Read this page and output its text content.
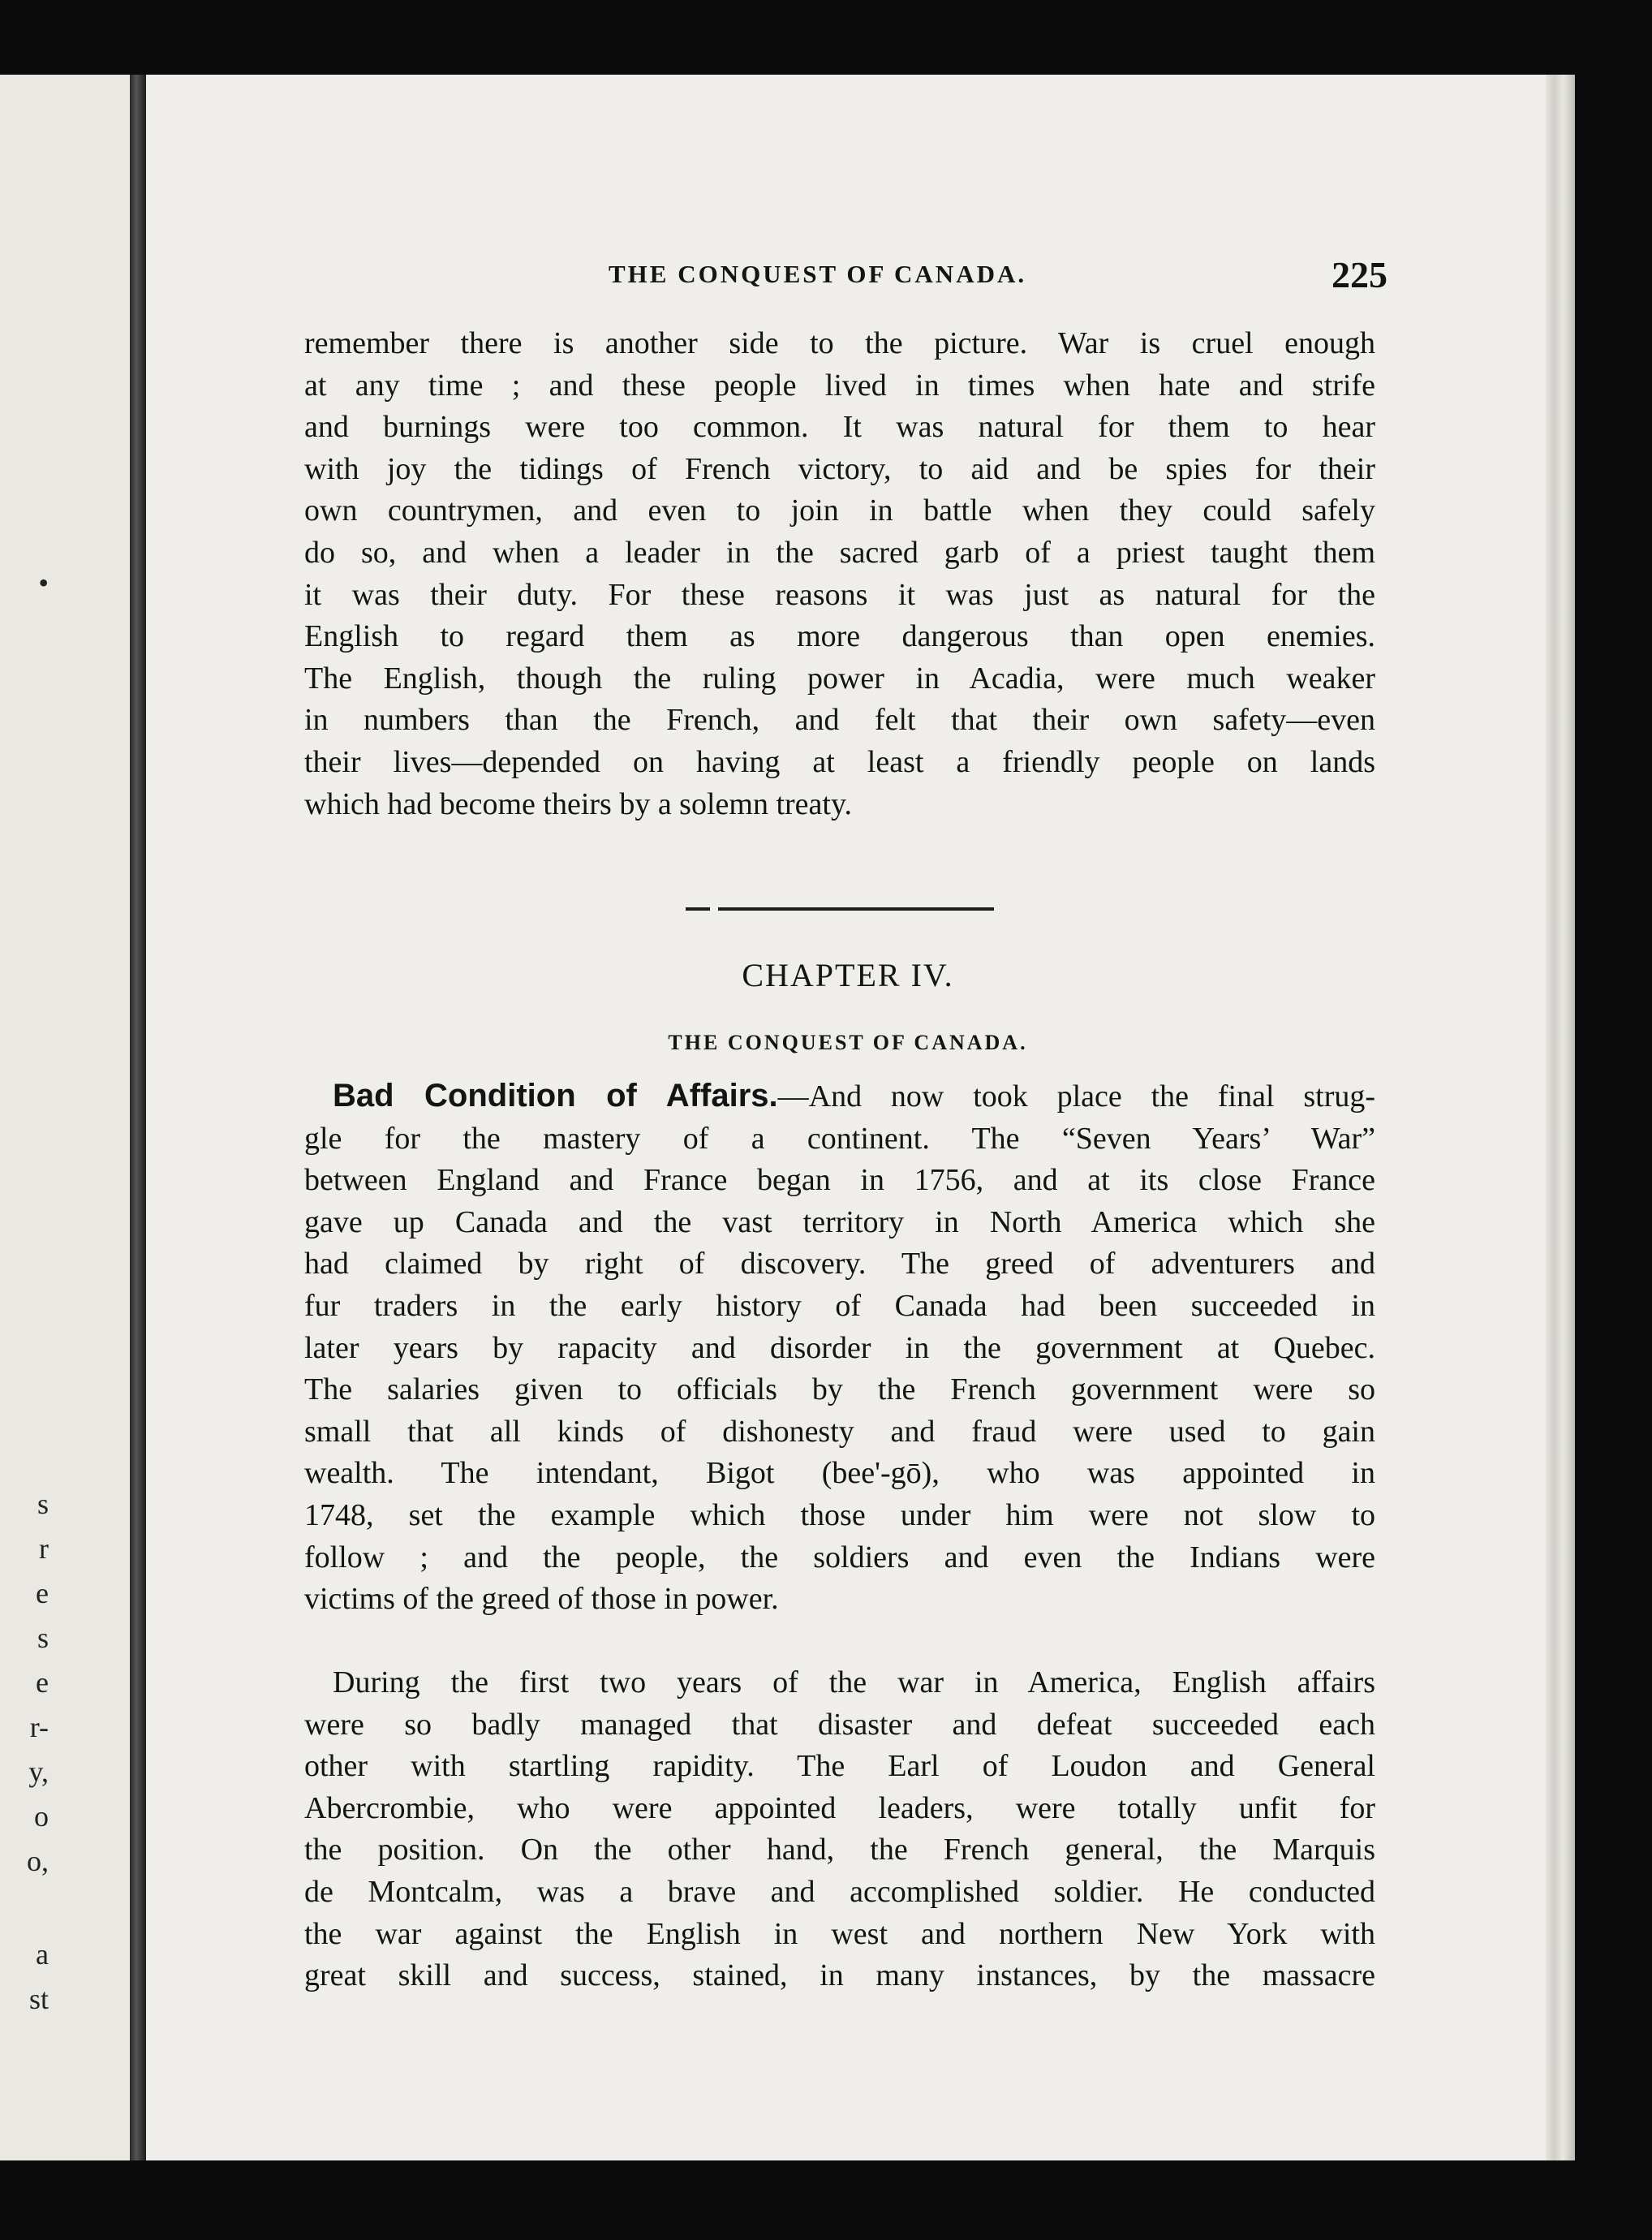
•
s
r
e
s
e
r-
y,
o
o,
a
st
THE CONQUEST OF CANADA.	225
remember there is another side to the picture. War is cruel enough
at any time ; and these people lived in times when hate and strife
and burnings were too common. It was natural for them to hear
with joy the tidings of French victory, to aid and be spies for their
own countrymen, and even to join in battle when they could safely
do so, and when a leader in the sacred garb of a priest taught them
it was their duty. For these reasons it was just as natural for the
English to regard them as more dangerous than open enemies.
The English, though the ruling power in Acadia, were much weaker
in numbers than the French, and felt that their own safety—even
their lives—depended on having at least a friendly people on lands
which had become theirs by a solemn treaty.
CHAPTER IV.
THE CONQUEST OF CANADA.
Bad Condition of Affairs.—And now took place the final strug-
gle for the mastery of a continent. The “Seven Years’ War”
between England and France began in 1756, and at its close France
gave up Canada and the vast territory in North America which she
had claimed by right of discovery. The greed of adventurers and
fur traders in the early history of Canada had been succeeded in
later years by rapacity and disorder in the government at Quebec.
The salaries given to officials by the French government were so
small that all kinds of dishonesty and fraud were used to gain
wealth. The intendant, Bigot (bee'-gō), who was appointed in
1748, set the example which those under him were not slow to
follow ; and the people, the soldiers and even the Indians were
victims of the greed of those in power.
During the first two years of the war in America, English affairs
were so badly managed that disaster and defeat succeeded each
other with startling rapidity. The Earl of Loudon and General
Abercrombie, who were appointed leaders, were totally unfit for
the position. On the other hand, the French general, the Marquis
de Montcalm, was a brave and accomplished soldier. He conducted
the war against the English in west and northern New York with
great skill and success, stained, in many instances, by the massacre
